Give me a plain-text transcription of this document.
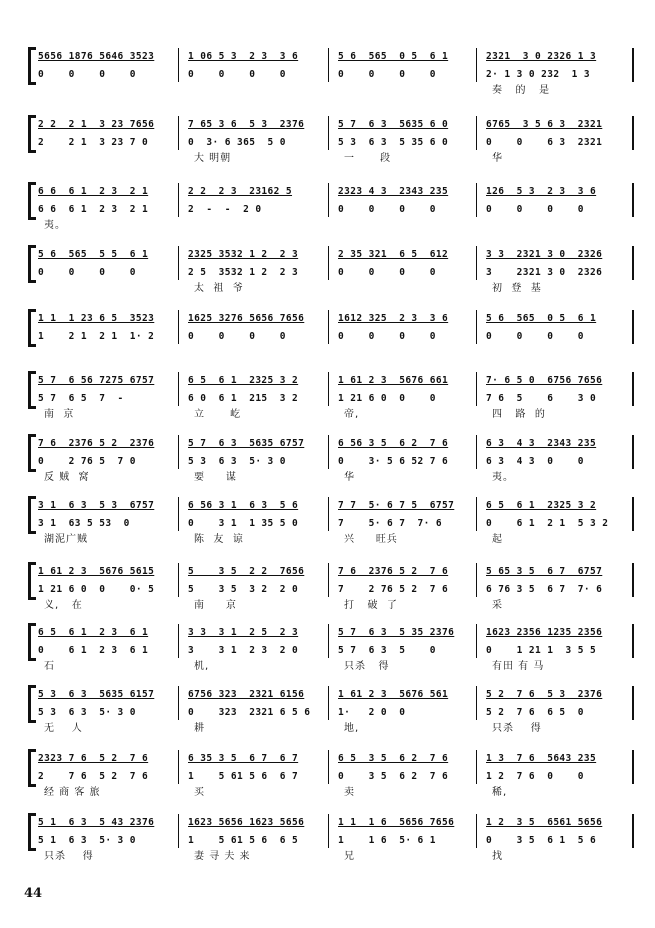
5656 1876 5646 3523	1 06 5 3  2 3  3 6	5 6  565  0 5  6 1	2321  3 0 2326 1 3
0    0    0    0	0    0    0    0	0    0    0    0	2· 1 3 0 232  1 3
奏   的   是
2 2  2 1  3 23 7656	7 65 3 6  5 3  2376	5 7  6 3  5635 6 0	6765  3 5 6 3  2321
2    2 1  3 23 7 0	0  3· 6 365  5 0	5 3  6 3  5 35 6 0	0    0    6 3  2321
大 明朝	一      段	华
6 6  6 1  2 3  2 1	2 2  2 3  23162 5	2323 4 3  2343 235	126  5 3  2 3  3 6
6 6  6 1  2 3  2 1	2  -  -  2 0	0    0    0    0	0    0    0    0
夷。
5 6  565  5 5  6 1	2325 3532 1 2  2 3	2 35 321  6 5  612	3 3  2321 3 0  2326
0    0    0    0	2 5  3532 1 2  2 3	0    0    0    0	3    2321 3 0  2326
太  祖  爷	初  登  基
1 1  1 23 6 5  3523	1625 3276 5656 7656	1612 325  2 3  3 6	5 6  565  0 5  6 1
1    2 1  2 1  1· 2	0    0    0    0	0    0    0    0	0    0    0    0
5 7  6 56 7275 6757	6 5  6 1  2325 3 2	1 61 2 3  5676 661	7· 6 5 0  6756 7656
5 7  6 5  7  -	6 0  6 1  215  3 2	1 21 6 0  0    0	7 6  5    6    3 0
南  京	立      屹	帝,	四   路  的
7 6  2376 5 2  2376	5 7  6 3  5635 6757	6 56 3 5  6 2  7 6	6 3  4 3  2343 235
0    2 76 5  7 0	5 3  6 3  5· 3 0	0    3· 5 6 52 7 6	6 3  4 3  0    0
反 贼  窝	要     谋	华	夷。
3 1  6 3  5 3  6757	6 56 3 1  6 3  5 6	7 7  5· 6 7 5  6757	6 5  6 1  2325 3 2
3 1  63 5 53  0	0    3 1  1 35 5 0	7    5· 6 7  7· 6	0    6 1  2 1  5 3 2
湖泥广贼	陈  友  谅	兴     旺兵	起
1 61 2 3  5676 5615	5    3 5  2 2  7656	7 6  2376 5 2  7 6	5 65 3 5  6 7  6757
1 21 6 0  0    0· 5	5    3 5  3 2  2 0	7    2 76 5 2  7 6	6 76 3 5  6 7  7· 6
义,   在	南     京	打   破  了	采
6 5  6 1  2 3  6 1	3 3  3 1  2 5  2 3	5 7  6 3  5 35 2376	1623 2356 1235 2356
0    6 1  2 3  6 1	3    3 1  2 3  2 0	5 7  6 3  5    0	0    1 21 1  3 5 5
石	机,	只杀   得	有田 有 马
5 3  6 3  5635 6157	6756 323  2321 6156	1 61 2 3  5676 561	5 2  7 6  5 3  2376
5 3  6 3  5· 3 0	0    323  2321 6 5 6	1·   2 0  0	5 2  7 6  6 5  0
无    人	耕	地,	只杀    得
2323 7 6  5 2  7 6	6 35 3 5  6 7  6 7	6 5  3 5  6 2  7 6	1 3  7 6  5643 235
2    7 6  5 2  7 6	1    5 61 5 6  6 7	0    3 5  6 2  7 6	1 2  7 6  0    0
经 商 客 旅	买	卖	稀,
5 1  6 3  5 43 2376	1623 5656 1623 5656	1 1  1 6  5656 7656	1 2  3 5  6561 5656
5 1  6 3  5· 3 0	1    5 61 5 6  6 5	1    1 6  5· 6 1	0    3 5  6 1  5 6
只杀    得	妻 寻 夫 来	兄	找
44
